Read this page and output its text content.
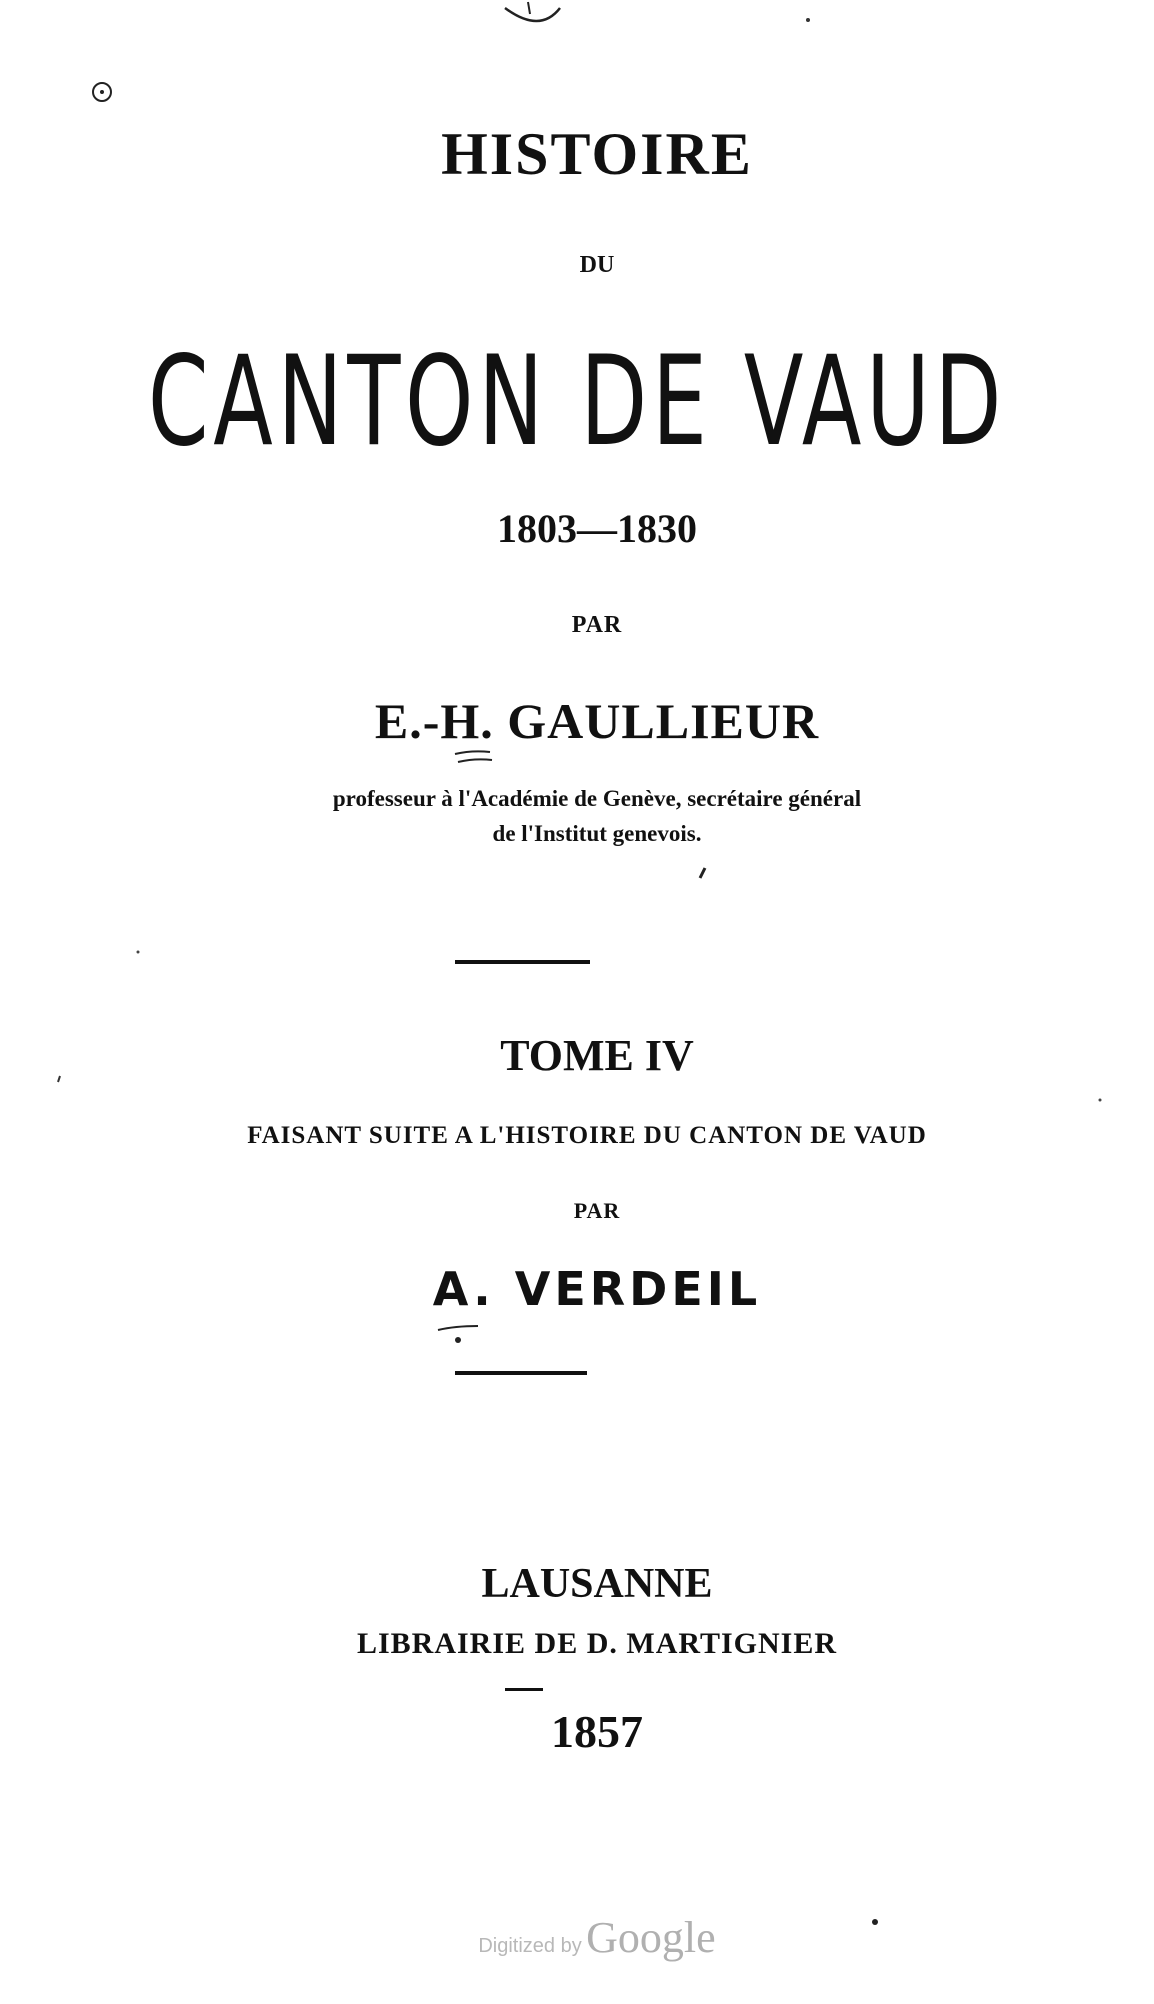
HISTOIRE
DU
CANTON DE VAUD
1803—1830
PAR
E.-H. GAULLIEUR
professeur à l'Académie de Genève, secrétaire général
de l'Institut genevois.
TOME IV
FAISANT SUITE A L'HISTOIRE DU CANTON DE VAUD
PAR
A. VERDEIL
LAUSANNE
LIBRAIRIE DE D. MARTIGNIER
1857
Digitized by Google
